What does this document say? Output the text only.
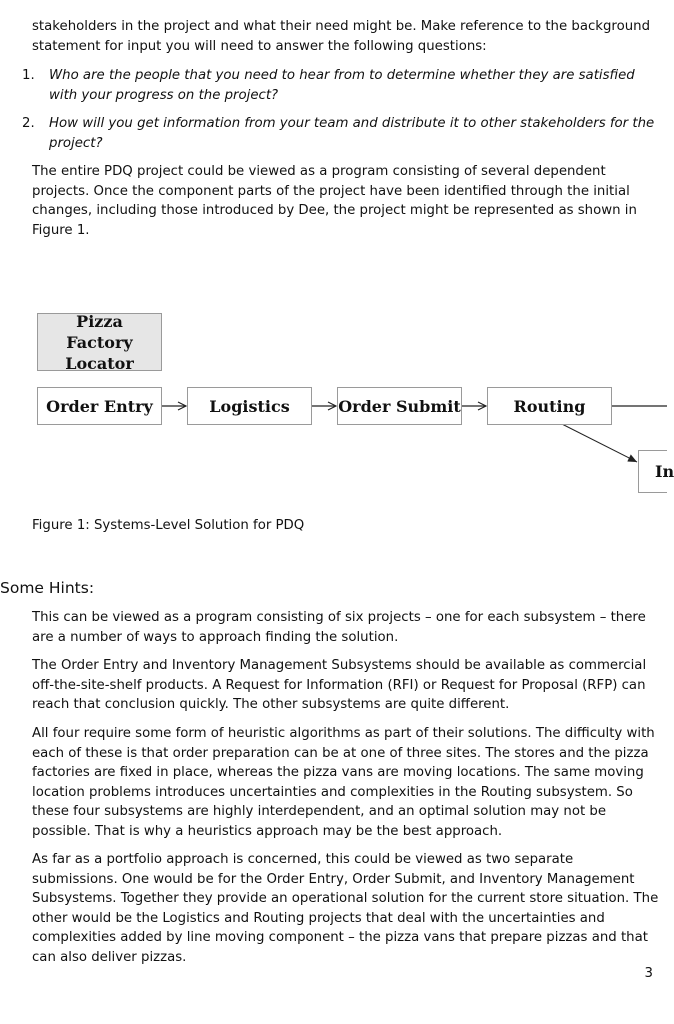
stakeholders in the project and what their need might be. Make reference to the background statement for input you will need to answer the following questions:

1. Who are the people that you need to hear from to determine whether they are satisfied with your progress on the project?
2. How will you get information from your team and distribute it to other stakeholders for the project?

The entire PDQ project could be viewed as a program consisting of several dependent projects. Once the component parts of the project have been identified through the initial changes, including those introduced by Dee, the project might be represented as shown in Figure 1.

Pizza Factory Locator
Order Entry	Logistics	Order Submit	Routing
In

Figure 1: Systems-Level Solution for PDQ

Some Hints:

This can be viewed as a program consisting of six projects – one for each subsystem – there are a number of ways to approach finding the solution.

The Order Entry and Inventory Management Subsystems should be available as commercial off-the-site-shelf products. A Request for Information (RFI) or Request for Proposal (RFP) can reach that conclusion quickly. The other subsystems are quite different.

All four require some form of heuristic algorithms as part of their solutions. The difficulty with each of these is that order preparation can be at one of three sites. The stores and the pizza factories are fixed in place, whereas the pizza vans are moving locations. The same moving location problems introduces uncertainties and complexities in the Routing subsystem. So these four subsystems are highly interdependent, and an optimal solution may not be possible. That is why a heuristics approach may be the best approach.

As far as a portfolio approach is concerned, this could be viewed as two separate submissions. One would be for the Order Entry, Order Submit, and Inventory Management Subsystems. Together they provide an operational solution for the current store situation. The other would be the Logistics and Routing projects that deal with the uncertainties and complexities added by line moving component – the pizza vans that prepare pizzas and that can also deliver pizzas.

3
